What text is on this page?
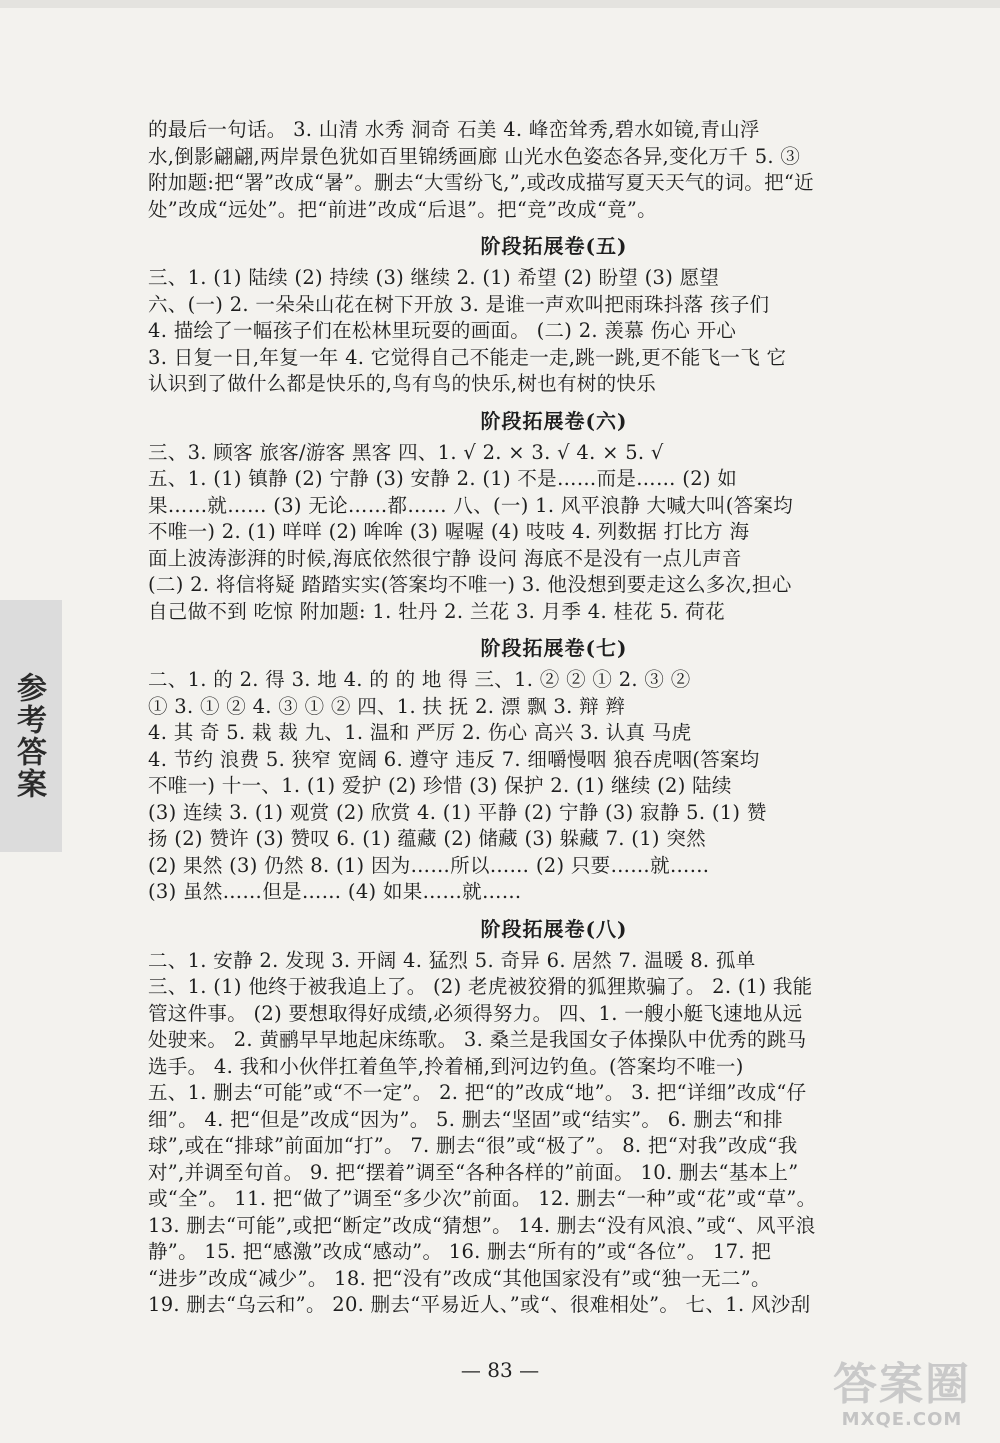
的最后一句话。 3. 山清 水秀 洞奇 石美 4. 峰峦耸秀,碧水如镜,青山浮
水,倒影翩翩,两岸景色犹如百里锦绣画廊 山光水色姿态各异,变化万千 5. ③
附加题:把“署”改成“暑”。删去“大雪纷飞,”,或改成描写夏天天气的词。把“近
处”改成“远处”。把“前进”改成“后退”。把“竞”改成“竟”。
阶段拓展卷(五)
三、1. (1) 陆续 (2) 持续 (3) 继续 2. (1) 希望 (2) 盼望 (3) 愿望
六、(一) 2. 一朵朵山花在树下开放 3. 是谁一声欢叫把雨珠抖落 孩子们
4. 描绘了一幅孩子们在松林里玩耍的画面。 (二) 2. 羡慕 伤心 开心
3. 日复一日,年复一年 4. 它觉得自己不能走一走,跳一跳,更不能飞一飞 它
认识到了做什么都是快乐的,鸟有鸟的快乐,树也有树的快乐
阶段拓展卷(六)
三、3. 顾客 旅客/游客 黑客 四、1. √ 2. × 3. √ 4. × 5. √
五、1. (1) 镇静 (2) 宁静 (3) 安静 2. (1) 不是……而是…… (2) 如
果……就…… (3) 无论……都…… 八、(一) 1. 风平浪静 大喊大叫(答案均
不唯一) 2. (1) 咩咩 (2) 哞哞 (3) 喔喔 (4) 吱吱 4. 列数据 打比方 海
面上波涛澎湃的时候,海底依然很宁静 设问 海底不是没有一点儿声音
(二) 2. 将信将疑 踏踏实实(答案均不唯一) 3. 他没想到要走这么多次,担心
自己做不到 吃惊 附加题: 1. 牡丹 2. 兰花 3. 月季 4. 桂花 5. 荷花
阶段拓展卷(七)
二、1. 的 2. 得 3. 地 4. 的 的 地 得 三、1. ② ② ① 2. ③ ②
① 3. ① ② 4. ③ ① ② 四、1. 扶 抚 2. 漂 飘 3. 辩 辫
4. 其 奇 5. 栽 裁 九、1. 温和 严厉 2. 伤心 高兴 3. 认真 马虎
4. 节约 浪费 5. 狭窄 宽阔 6. 遵守 违反 7. 细嚼慢咽 狼吞虎咽(答案均
不唯一) 十一、1. (1) 爱护 (2) 珍惜 (3) 保护 2. (1) 继续 (2) 陆续
(3) 连续 3. (1) 观赏 (2) 欣赏 4. (1) 平静 (2) 宁静 (3) 寂静 5. (1) 赞
扬 (2) 赞许 (3) 赞叹 6. (1) 蕴藏 (2) 储藏 (3) 躲藏 7. (1) 突然
(2) 果然 (3) 仍然 8. (1) 因为……所以…… (2) 只要……就……
(3) 虽然……但是…… (4) 如果……就……
阶段拓展卷(八)
二、1. 安静 2. 发现 3. 开阔 4. 猛烈 5. 奇异 6. 居然 7. 温暖 8. 孤单
三、1. (1) 他终于被我追上了。 (2) 老虎被狡猾的狐狸欺骗了。 2. (1) 我能
管这件事。 (2) 要想取得好成绩,必须得努力。 四、1. 一艘小艇飞速地从远
处驶来。 2. 黄鹂早早地起床练歌。 3. 桑兰是我国女子体操队中优秀的跳马
选手。 4. 我和小伙伴扛着鱼竿,拎着桶,到河边钓鱼。(答案均不唯一)
五、1. 删去“可能”或“不一定”。 2. 把“的”改成“地”。 3. 把“详细”改成“仔
细”。 4. 把“但是”改成“因为”。 5. 删去“坚固”或“结实”。 6. 删去“和排
球”,或在“排球”前面加“打”。 7. 删去“很”或“极了”。 8. 把“对我”改成“我
对”,并调至句首。 9. 把“摆着”调至“各种各样的”前面。 10. 删去“基本上”
或“全”。 11. 把“做了”调至“多少次”前面。 12. 删去“一种”或“花”或“草”。
13. 删去“可能”,或把“断定”改成“猜想”。 14. 删去“没有风浪、”或“、风平浪
静”。 15. 把“感激”改成“感动”。 16. 删去“所有的”或“各位”。 17. 把
“进步”改成“减少”。 18. 把“没有”改成“其他国家没有”或“独一无二”。
19. 删去“乌云和”。 20. 删去“平易近人、”或“、很难相处”。 七、1. 风沙刮
参考答案
— 83 —	答案圈
MXQE.COM
